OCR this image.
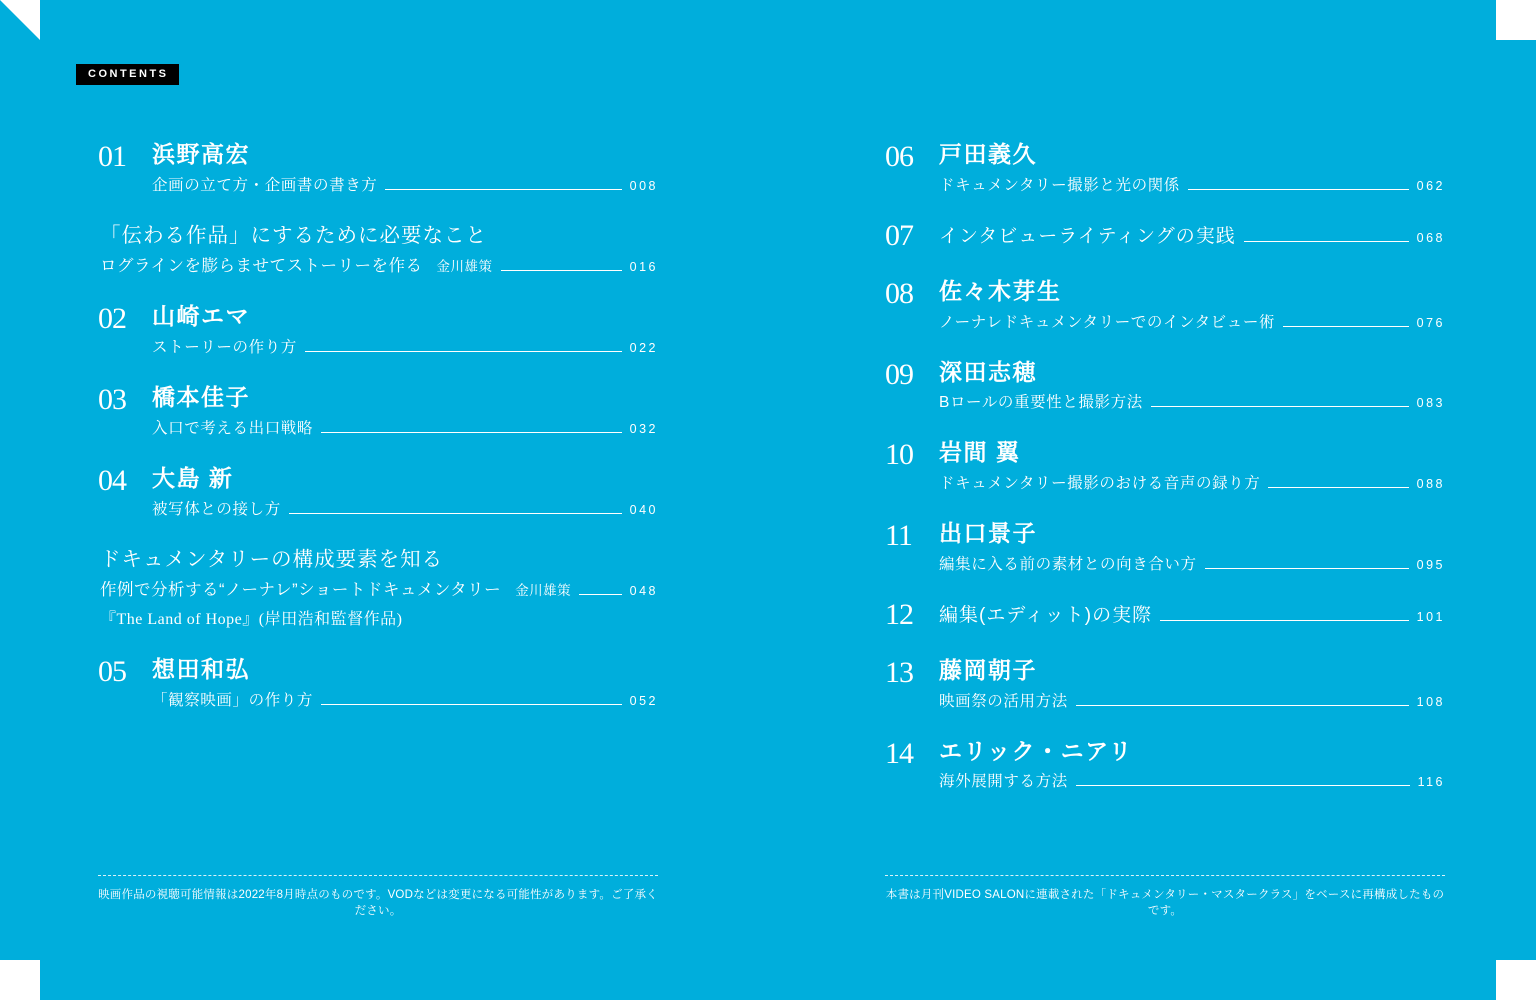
CONTENTS
01	浜野高宏
企画の立て方・企画書の書き方	008
「伝わる作品」にするために必要なこと
ログラインを膨らませてストーリーを作る 金川雄策	016
02	山崎エマ
ストーリーの作り方	022
03	橋本佳子
入口で考える出口戦略	032
04	大島 新
被写体との接し方	040
ドキュメンタリーの構成要素を知る
作例で分析する“ノーナレ”ショートドキュメンタリー 金川雄策	048
『The Land of Hope』(岸田浩和監督作品)
05	想田和弘
「観察映画」の作り方	052
06	戸田義久
ドキュメンタリー撮影と光の関係	062
07	インタビューライティングの実践	068
08	佐々木芽生
ノーナレドキュメンタリーでのインタビュー術	076
09	深田志穂
Bロールの重要性と撮影方法	083
10	岩間 翼
ドキュメンタリー撮影のおける音声の録り方	088
11	出口景子
編集に入る前の素材との向き合い方	095
12	編集(エディット)の実際	101
13	藤岡朝子
映画祭の活用方法	108
14	エリック・ニアリ
海外展開する方法	116
映画作品の視聴可能情報は2022年8月時点のものです。VODなどは変更になる可能性があります。ご了承ください。
本書は月刊VIDEO SALONに連載された「ドキュメンタリー・マスタークラス」をベースに再構成したものです。
